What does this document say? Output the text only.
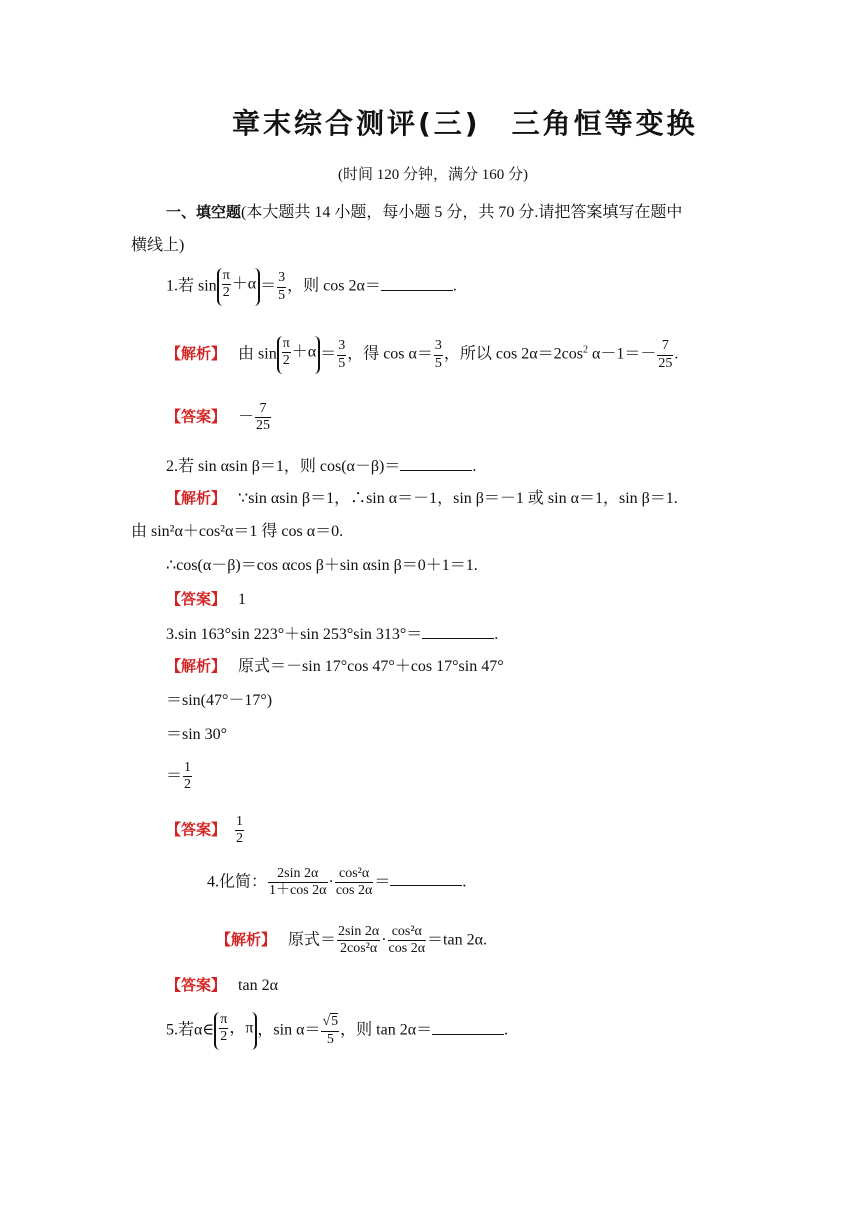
章末综合测评(三)　三角恒等变换
(时间 120 分钟，满分 160 分)
一、填空题(本大题共 14 小题，每小题 5 分，共 70 分.请把答案填写在题中
横线上)
1.若 $\sin \frac{\pi}{2} +\alpha = \frac{3}{5}$ ，则 cos 2α＝	.
【解析】 由 $\sin \frac{\pi}{2} +\alpha = \frac{3}{5}$ ，得 $\cos \alpha= \frac{3}{5}$ ，所以 $\cos 2\alpha=2\cos^2$ $\alpha-1=- \frac{7}{25}$ .
【答案】 － $\frac{7}{25}$
2.若 sin αsin β＝1，则 cos(α－β)＝	.
【解析】 ∵sin αsin β＝1，∴sin α＝－1，sin β＝－1 或 sin α＝1，sin β＝1.
由 sin²α＋cos²α＝1 得 cos α＝0.
∴cos(α－β)＝cos αcos β＋sin αsin β＝0＋1＝1.
【答案】 1
3.sin 163°sin 223°＋sin 253°sin 313°＝	.
【解析】 原式＝－sin 17°cos 47°＋cos 17°sin 47°
＝sin(47°－17°)
＝sin 30°
＝ $\frac{1}{2}$
【答案】 $\frac{1}{2}$
4.化简： $\frac{2\sin 2\alpha}{1+\cos 2\alpha} \cdot \frac{\text{cos²α}}{\cos 2\alpha}$ ＝	.
【解析】 原式＝ $\frac{2\sin 2\alpha}{\text{2cos²α}} \cdot \frac{\text{cos²α}}{\cos 2\alpha} =\tan$ 2α.
【答案】 tan 2α
5.若α∈ $\frac{\pi}{2}$ ，π ，$\sin \alpha= \frac{√5}{5}$ ，则 tan 2α＝	.
